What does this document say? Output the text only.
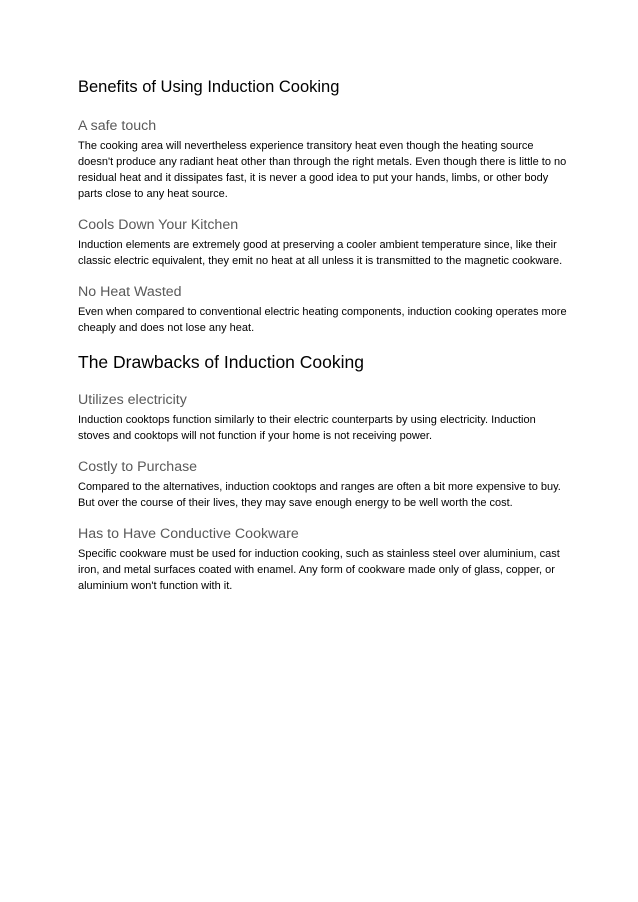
Benefits of Using Induction Cooking
A safe touch

The cooking area will nevertheless experience transitory heat even though the heating source doesn't produce any radiant heat other than through the right metals. Even though there is little to no residual heat and it dissipates fast, it is never a good idea to put your hands, limbs, or other body parts close to any heat source.

Cools Down Your Kitchen

Induction elements are extremely good at preserving a cooler ambient temperature since, like their classic electric equivalent, they emit no heat at all unless it is transmitted to the magnetic cookware.

No Heat Wasted

Even when compared to conventional electric heating components, induction cooking operates more cheaply and does not lose any heat.

The Drawbacks of Induction Cooking
Utilizes electricity

Induction cooktops function similarly to their electric counterparts by using electricity. Induction stoves and cooktops will not function if your home is not receiving power.

Costly to Purchase

Compared to the alternatives, induction cooktops and ranges are often a bit more expensive to buy. But over the course of their lives, they may save enough energy to be well worth the cost.

Has to Have Conductive Cookware

Specific cookware must be used for induction cooking, such as stainless steel over aluminium, cast iron, and metal surfaces coated with enamel. Any form of cookware made only of glass, copper, or aluminium won't function with it.
